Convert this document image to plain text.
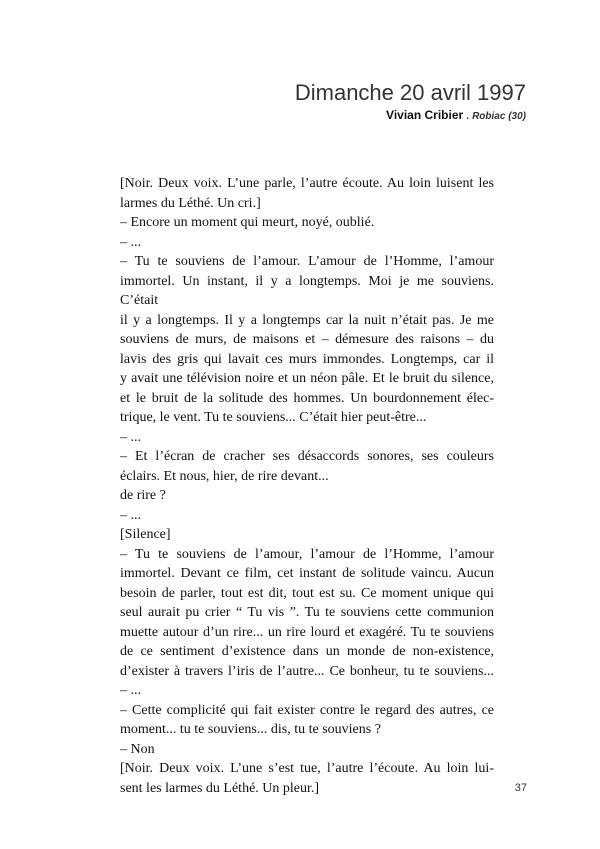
Dimanche 20 avril 1997
Vivian Cribier . Robiac (30)
[Noir. Deux voix. L’une parle, l’autre écoute. Au loin luisent les
larmes du Léthé. Un cri.]
– Encore un moment qui meurt, noyé, oublié.
– ...
– Tu te souviens de l’amour. L’amour de l’Homme, l’amour
immortel. Un instant, il y a longtemps. Moi je me souviens. C’était
il y a longtemps. Il y a longtemps car la nuit n’était pas. Je me
souviens de murs, de maisons et – démesure des raisons – du
lavis des gris qui lavait ces murs immondes. Longtemps, car il
y avait une télévision noire et un néon pâle. Et le bruit du silence,
et le bruit de la solitude des hommes. Un bourdonnement élec-
trique, le vent. Tu te souviens... C’était hier peut-être...
– ...
– Et l’écran de cracher ses désaccords sonores, ses couleurs
éclairs. Et nous, hier, de rire devant...
de rire ?
– ...
[Silence]
– Tu te souviens de l’amour, l’amour de l’Homme, l’amour
immortel. Devant ce film, cet instant de solitude vaincu. Aucun
besoin de parler, tout est dit, tout est su. Ce moment unique qui
seul aurait pu crier “ Tu vis ”. Tu te souviens cette communion
muette autour d’un rire... un rire lourd et exagéré. Tu te souviens
de ce sentiment d’existence dans un monde de non-existence,
d’exister à travers l’iris de l’autre... Ce bonheur, tu te souviens...
– ...
– Cette complicité qui fait exister contre le regard des autres, ce
moment... tu te souviens... dis, tu te souviens ?
– Non
[Noir. Deux voix. L’une s’est tue, l’autre l’écoute. Au loin lui-
sent les larmes du Léthé. Un pleur.]	37
